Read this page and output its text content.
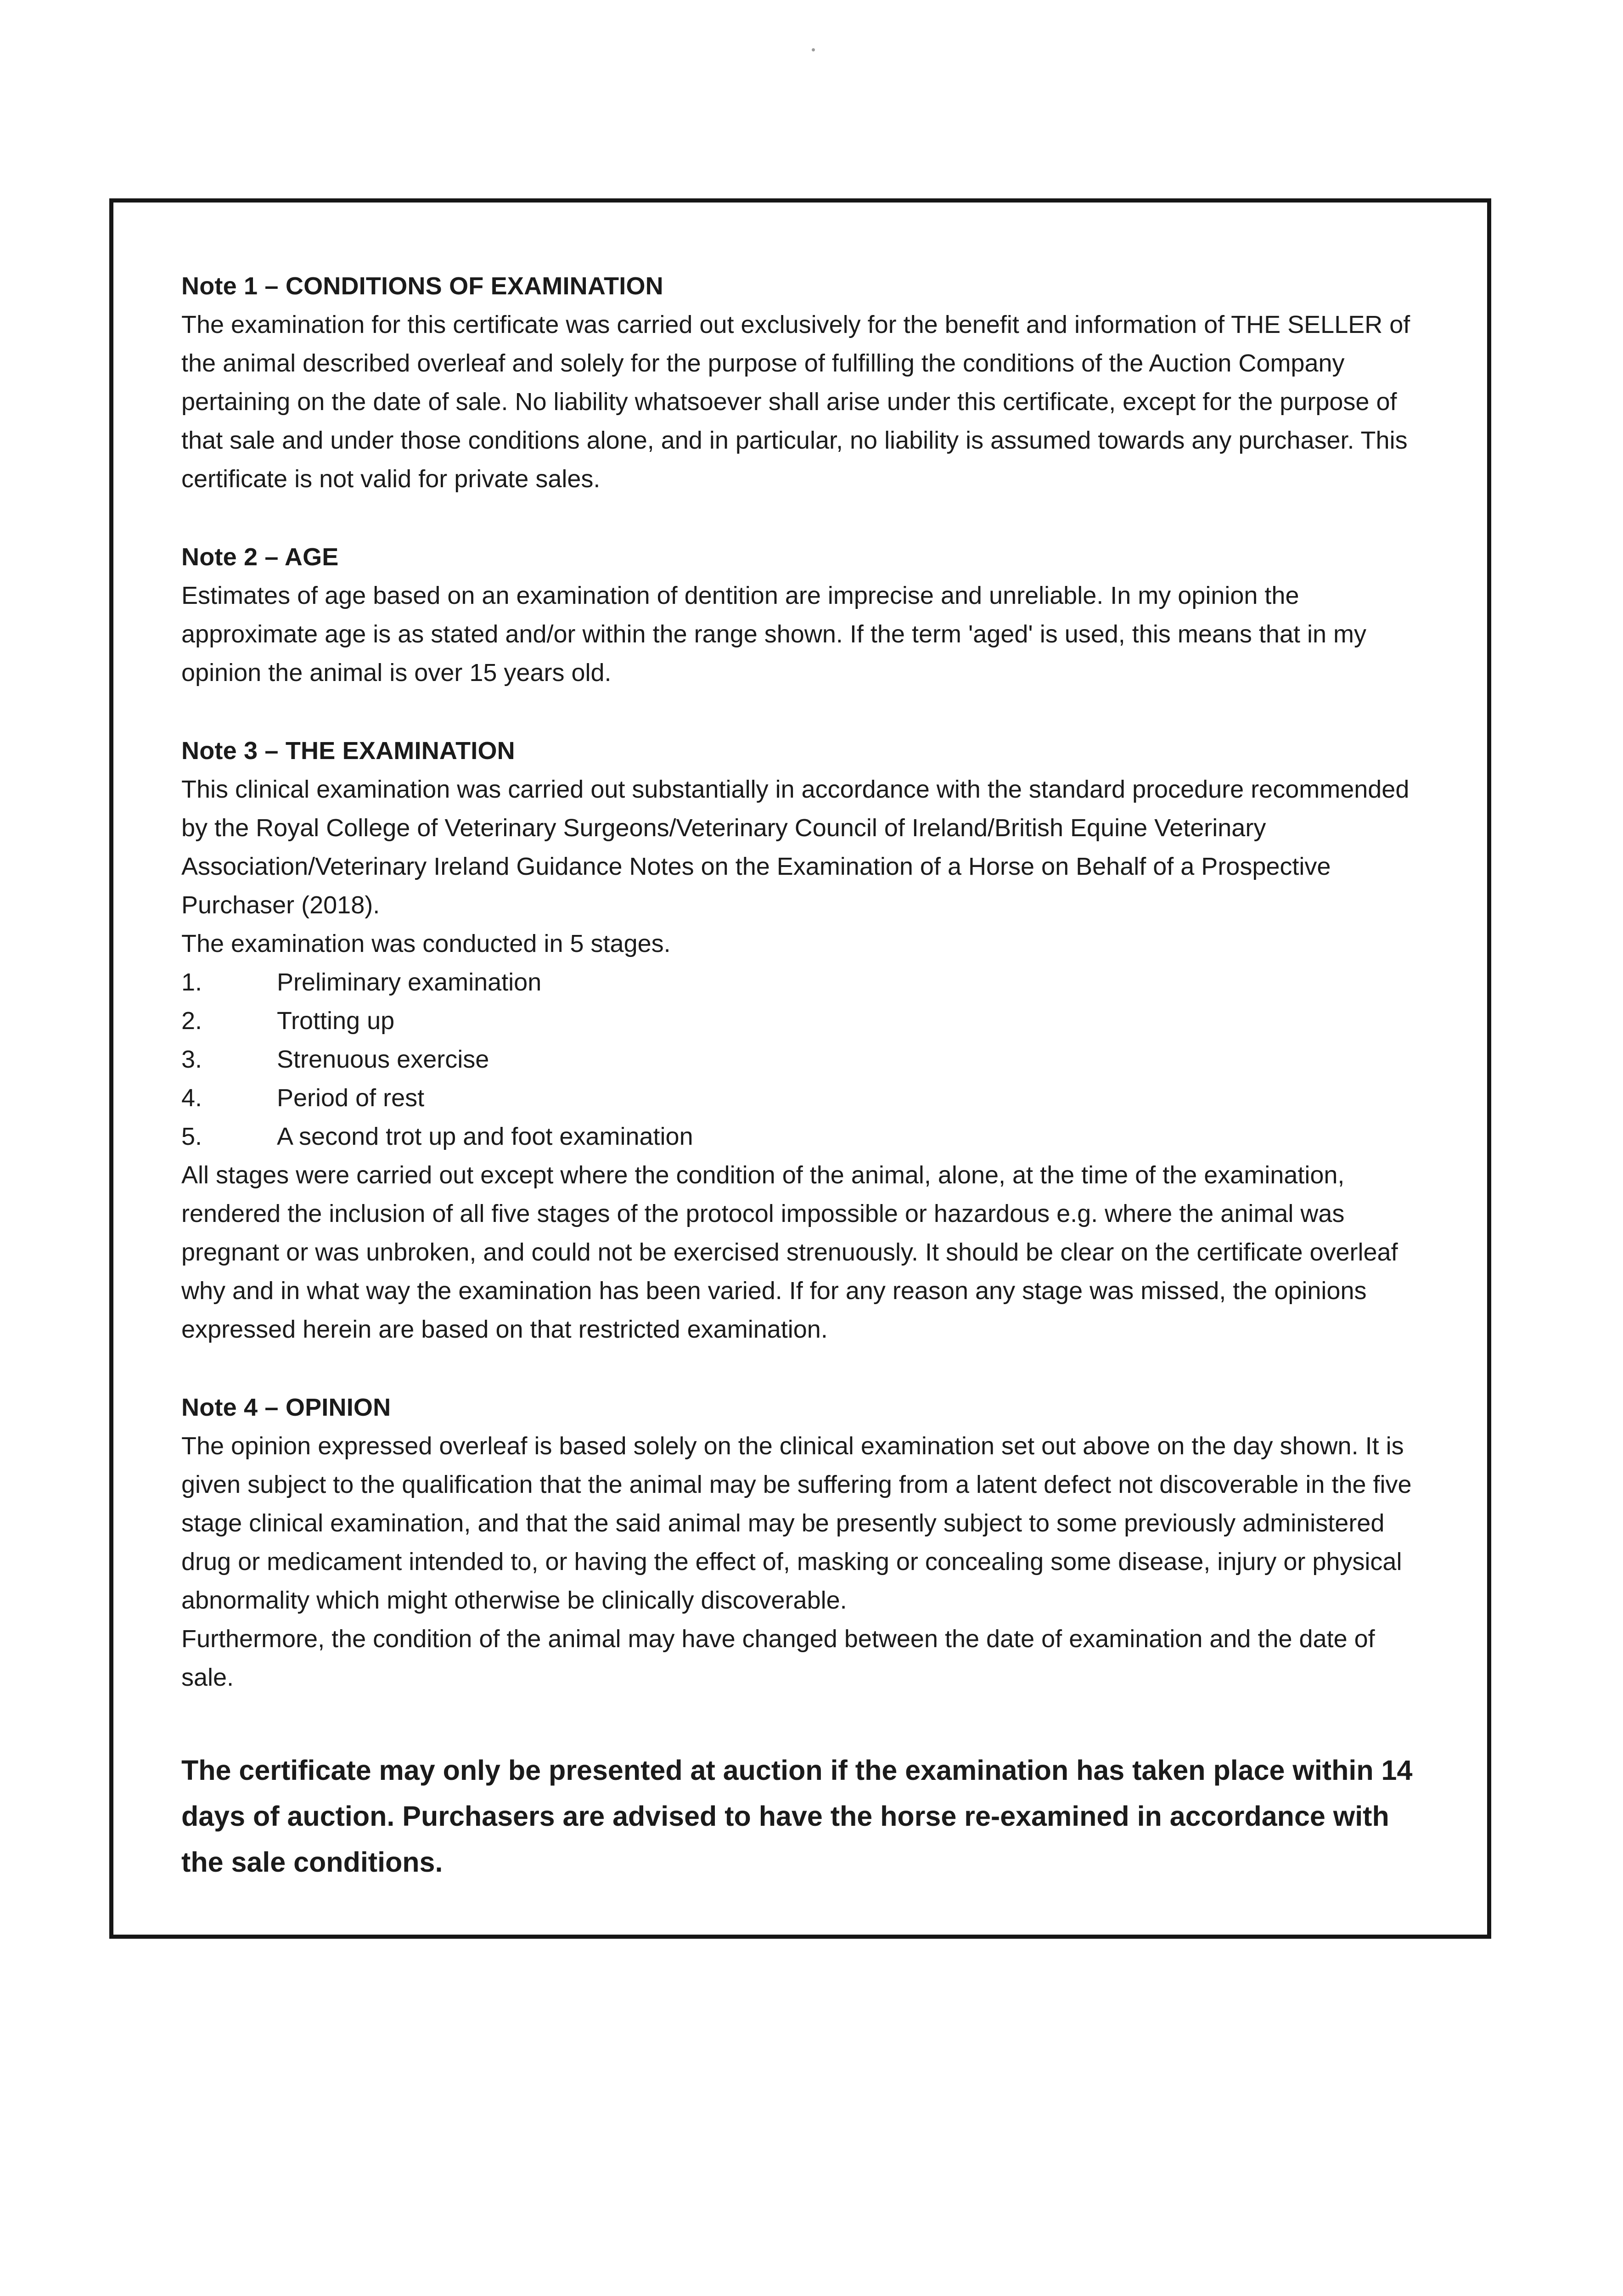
Note 1 – CONDITIONS OF EXAMINATION
The examination for this certificate was carried out exclusively for the benefit and information of THE SELLER of the animal described overleaf and solely for the purpose of fulfilling the conditions of the Auction Company pertaining on the date of sale. No liability whatsoever shall arise under this certificate, except for the purpose of that sale and under those conditions alone, and in particular, no liability is assumed towards any purchaser. This certificate is not valid for private sales.
Note 2 – AGE
Estimates of age based on an examination of dentition are imprecise and unreliable. In my opinion the approximate age is as stated and/or within the range shown. If the term 'aged' is used, this means that in my opinion the animal is over 15 years old.
Note 3 – THE EXAMINATION
This clinical examination was carried out substantially in accordance with the standard procedure recommended by the Royal College of Veterinary Surgeons/Veterinary Council of Ireland/British Equine Veterinary Association/Veterinary Ireland Guidance Notes on the Examination of a Horse on Behalf of a Prospective Purchaser (2018).
The examination was conducted in 5 stages.
1.	Preliminary examination
2.	Trotting up
3.	Strenuous exercise
4.	Period of rest
5.	A second trot up and foot examination
All stages were carried out except where the condition of the animal, alone, at the time of the examination, rendered the inclusion of all five stages of the protocol impossible or hazardous e.g. where the animal was pregnant or was unbroken, and could not be exercised strenuously. It should be clear on the certificate overleaf why and in what way the examination has been varied. If for any reason any stage was missed, the opinions expressed herein are based on that restricted examination.
Note 4 – OPINION
The opinion expressed overleaf is based solely on the clinical examination set out above on the day shown. It is given subject to the qualification that the animal may be suffering from a latent defect not discoverable in the five stage clinical examination, and that the said animal may be presently subject to some previously administered drug or medicament intended to, or having the effect of, masking or concealing some disease, injury or physical abnormality which might otherwise be clinically discoverable.
Furthermore, the condition of the animal may have changed between the date of examination and the date of sale.
The certificate may only be presented at auction if the examination has taken place within 14 days of auction. Purchasers are advised to have the horse re-examined in accordance with the sale conditions.
